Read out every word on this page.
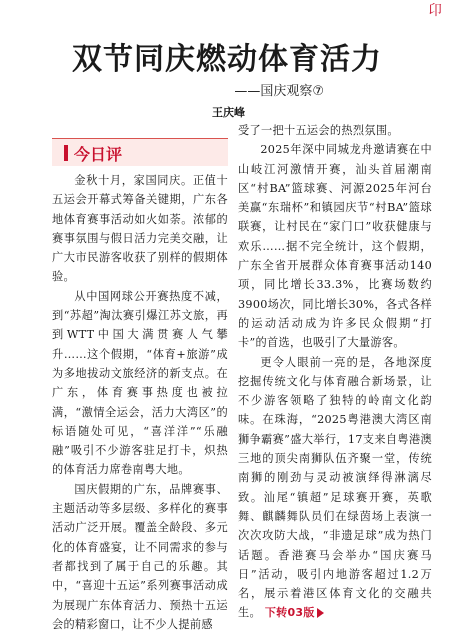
卬
双节同庆燃动体育活力
——国庆观察⑦
王庆峰
今日评

金秋十月，家国同庆。正值十五运会开幕式筹备关键期，广东各地体育赛事活动如火如荼。浓郁的赛事氛围与假日活力完美交融，让广大市民游客收获了别样的假期体验。

从中国网球公开赛热度不减，到“苏超”淘汰赛引爆江苏文旅，再到WTT中国大满贯赛人气攀升……这个假期，“体育+旅游”成为多地拔动文旅经济的新支点。在广东，体育赛事热度也被拉满，“激情全运会，活力大湾区”的标语随处可见，“喜洋洋”“乐融融”吸引不少游客驻足打卡，炽热的体育活力席卷南粤大地。

国庆假期的广东，品牌赛事、主题活动等多层级、多样化的赛事活动广泛开展。覆盖全龄段、多元化的体育盛宴，让不同需求的参与者都找到了属于自己的乐趣。其中，“喜迎十五运”系列赛事活动成为展现广东体育活力、预热十五运会的精彩窗口，让不少人提前感

受了一把十五运会的热烈氛围。

2025年深中同城龙舟邀请赛在中山岐江河激情开赛，汕头首届潮南区“村BA”篮球赛、河源2025年河台美赢“东瑞杯”和镇园庆节“村BA”篮球联赛，让村民在“家门口”收获健康与欢乐……据不完全统计，这个假期，广东全省开展群众体育赛事活动140项，同比增长33.3%，比赛场数约3900场次，同比增长30%，各式各样的运动活动成为许多民众假期“打卡”的首选，也吸引了大量游客。

更令人眼前一亮的是，各地深度挖掘传统文化与体育融合新场景，让不少游客领略了独特的岭南文化韵味。在珠海，“2025粤港澳大湾区南狮争霸赛”盛大举行，17支来自粤港澳三地的顶尖南狮队伍齐聚一堂，传统南狮的刚劲与灵动被演绎得淋漓尽致。汕尾“镇超”足球赛开赛，英歌舞、麒麟舞队员们在绿茵场上表演一次次攻防大战，“非遗足球”成为热门话题。香港赛马会举办“国庆赛马日”活动，吸引内地游客超过1.2万名，展示着港区体育文化的交融共生。 下转03版
